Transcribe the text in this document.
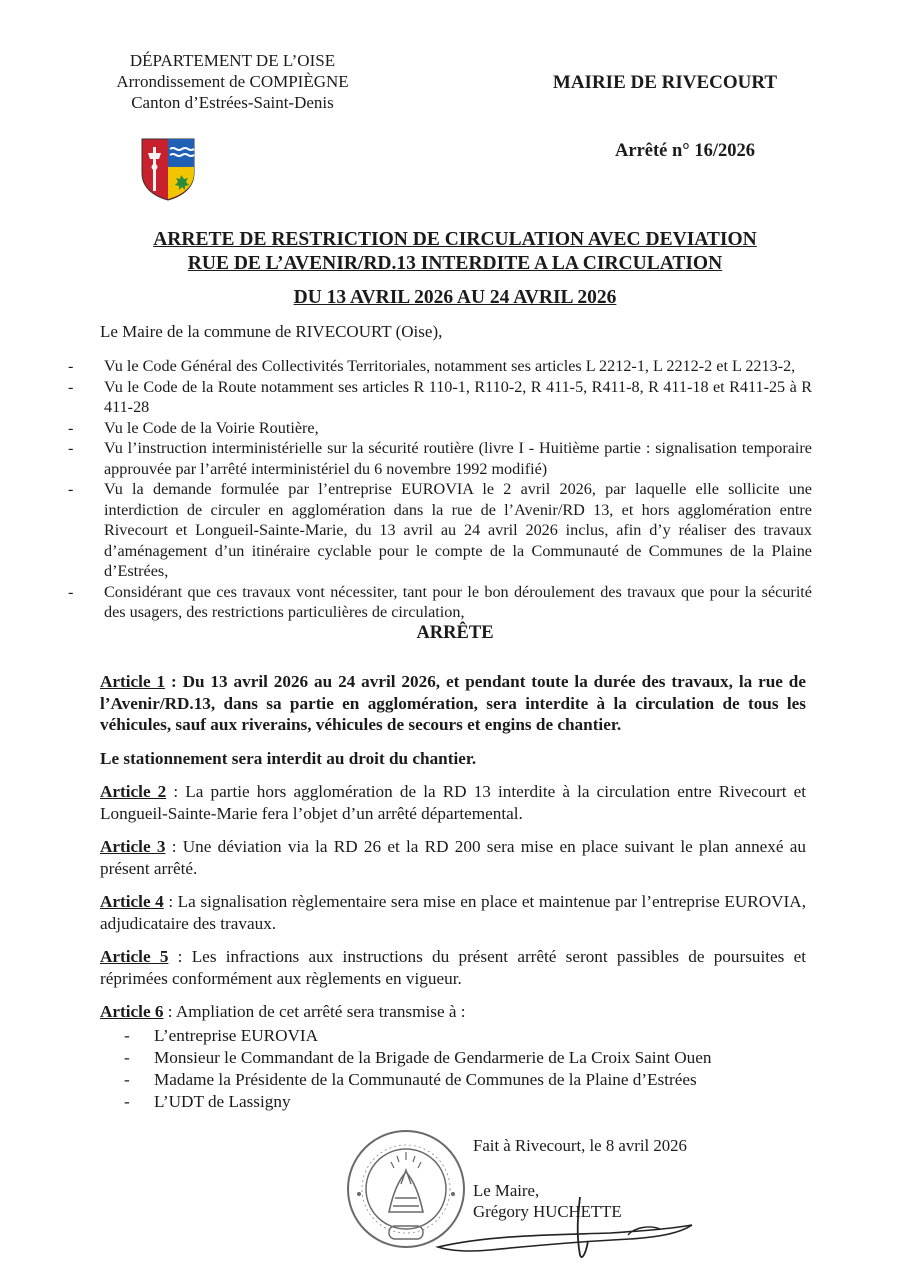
DÉPARTEMENT DE L’OISE
Arrondissement de COMPIÈGNE
Canton d’Estrées-Saint-Denis
MAIRIE DE RIVECOURT
Arrêté n° 16/2026
ARRETE DE RESTRICTION DE CIRCULATION AVEC DEVIATION
RUE DE L’AVENIR/RD.13 INTERDITE A LA CIRCULATION
DU 13 AVRIL 2026 AU 24 AVRIL 2026
Le Maire de la commune de RIVECOURT (Oise),
- Vu le Code Général des Collectivités Territoriales, notamment ses articles L 2212-1, L 2212-2 et L 2213-2,
- Vu le Code de la Route notamment ses articles R 110-1, R110-2, R 411-5, R411-8, R 411-18 et R411-25 à R 411-28
- Vu le Code de la Voirie Routière,
- Vu l’instruction interministérielle sur la sécurité routière (livre I - Huitième partie : signalisation temporaire approuvée par l’arrêté interministériel du 6 novembre 1992 modifié)
- Vu la demande formulée par l’entreprise EUROVIA le 2 avril 2026, par laquelle elle sollicite une interdiction de circuler en agglomération dans la rue de l’Avenir/RD 13, et hors agglomération entre Rivecourt et Longueil-Sainte-Marie, du 13 avril au 24 avril 2026 inclus, afin d’y réaliser des travaux d’aménagement d’un itinéraire cyclable pour le compte de la Communauté de Communes de la Plaine d’Estrées,
- Considérant que ces travaux vont nécessiter, tant pour le bon déroulement des travaux que pour la sécurité des usagers, des restrictions particulières de circulation,
ARRÊTE

Article 1 : Du 13 avril 2026 au 24 avril 2026, et pendant toute la durée des travaux, la rue de l’Avenir/RD.13, dans sa partie en agglomération, sera interdite à la circulation de tous les véhicules, sauf aux riverains, véhicules de secours et engins de chantier.

Le stationnement sera interdit au droit du chantier.

Article 2 : La partie hors agglomération de la RD 13 interdite à la circulation entre Rivecourt et Longueil-Sainte-Marie fera l’objet d’un arrêté départemental.

Article 3 : Une déviation via la RD 26 et la RD 200 sera mise en place suivant le plan annexé au présent arrêté.

Article 4 : La signalisation règlementaire sera mise en place et maintenue par l’entreprise EUROVIA, adjudicataire des travaux.

Article 5 : Les infractions aux instructions du présent arrêté seront passibles de poursuites et réprimées conformément aux règlements en vigueur.

Article 6 : Ampliation de cet arrêté sera transmise à :

- L’entreprise EUROVIA
- Monsieur le Commandant de la Brigade de Gendarmerie de La Croix Saint Ouen
- Madame la Présidente de la Communauté de Communes de la Plaine d’Estrées
- L’UDT de Lassigny
Fait à Rivecourt, le 8 avril 2026
Le Maire,
Grégory HUCHETTE
